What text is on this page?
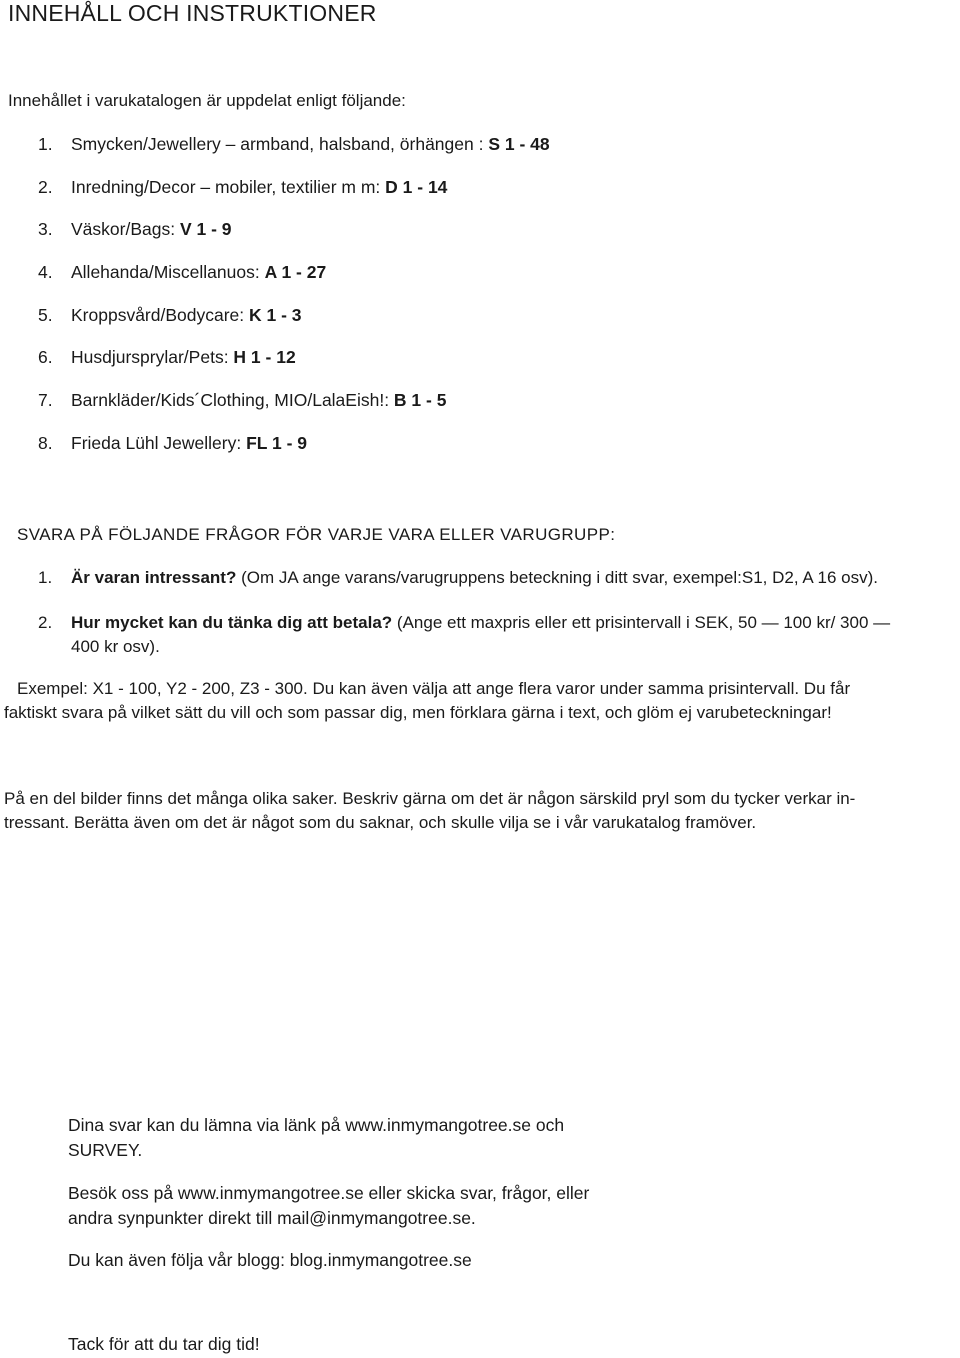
INNEHÅLL OCH INSTRUKTIONER
Innehållet i varukatalogen är uppdelat enligt följande:
1. Smycken/Jewellery – armband, halsband, örhängen : S 1 - 48
2. Inredning/Decor – mobiler, textilier m m: D 1 - 14
3. Väskor/Bags: V 1 - 9
4. Allehanda/Miscellanuos: A 1 - 27
5. Kroppsvård/Bodycare: K 1 - 3
6. Husdjursprylar/Pets: H 1 - 12
7. Barnkläder/Kids´Clothing, MIO/LalaEish!: B 1 - 5
8. Frieda Lühl Jewellery: FL 1 - 9
SVARA PÅ FÖLJANDE FRÅGOR FÖR VARJE VARA ELLER VARUGRUPP:
1. Är varan intressant? (Om JA ange varans/varugruppens beteckning i ditt svar, exempel:S1, D2, A 16 osv).
2. Hur mycket kan du tänka dig att betala? (Ange ett maxpris eller ett prisintervall i SEK, 50 — 100 kr/ 300 —
400 kr osv).
Exempel: X1 - 100, Y2 - 200, Z3 - 300. Du kan även välja att ange flera varor under samma prisintervall. Du får
faktiskt svara på vilket sätt du vill och som passar dig, men förklara gärna i text, och glöm ej varubeteckningar!
På en del bilder finns det många olika saker. Beskriv gärna om det är någon särskild pryl som du tycker verkar in-
tressant. Berätta även om det är något som du saknar, och skulle vilja se i vår varukatalog framöver.
Dina svar kan du lämna via länk på www.inmymangotree.se och
SURVEY.
Besök oss på www.inmymangotree.se eller skicka svar, frågor, eller
andra synpunkter direkt till mail@inmymangotree.se.
Du kan även följa vår blogg: blog.inmymangotree.se
Tack för att du tar dig tid!
